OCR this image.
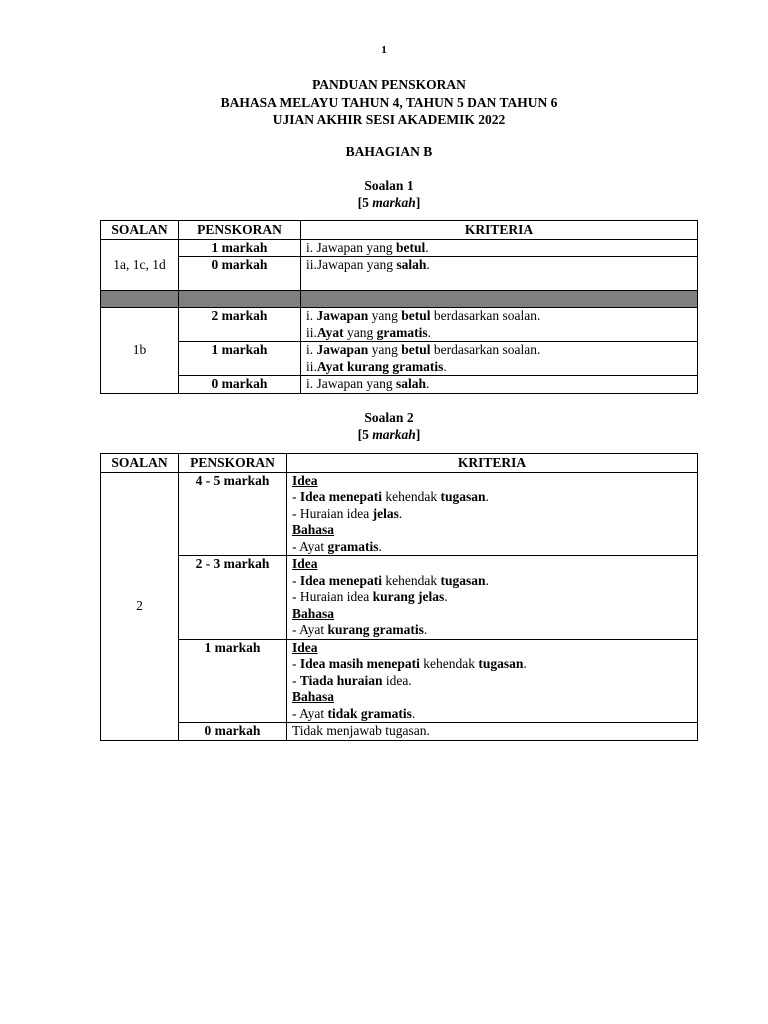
1
PANDUAN PENSKORAN
BAHASA MELAYU TAHUN 4, TAHUN 5 DAN TAHUN 6
UJIAN AKHIR SESI AKADEMIK 2022
BAHAGIAN B
Soalan 1
[5 markah]
SOALAN	PENSKORAN	KRITERIA
1a, 1c, 1d	1 markah	i. Jawapan yang betul.
	0 markah	ii.Jawapan yang salah.

1b	2 markah	i. Jawapan yang betul berdasarkan soalan.
ii.Ayat yang gramatis.

	1 markah	i. Jawapan yang betul berdasarkan soalan.
ii.Ayat kurang gramatis.

	0 markah	i. Jawapan yang salah.
Soalan 2
[5 markah]
SOALAN	PENSKORAN	KRITERIA
2	4 - 5 markah	Idea
- Idea menepati kehendak tugasan.
- Huraian idea jelas.
Bahasa
- Ayat gramatis.

	2 - 3 markah	Idea
- Idea menepati kehendak tugasan.
- Huraian idea kurang jelas.
Bahasa
- Ayat kurang gramatis.

	1 markah	Idea
- Idea masih menepati kehendak tugasan.
- Tiada huraian idea.
Bahasa
- Ayat tidak gramatis.

	0 markah	Tidak menjawab tugasan.
